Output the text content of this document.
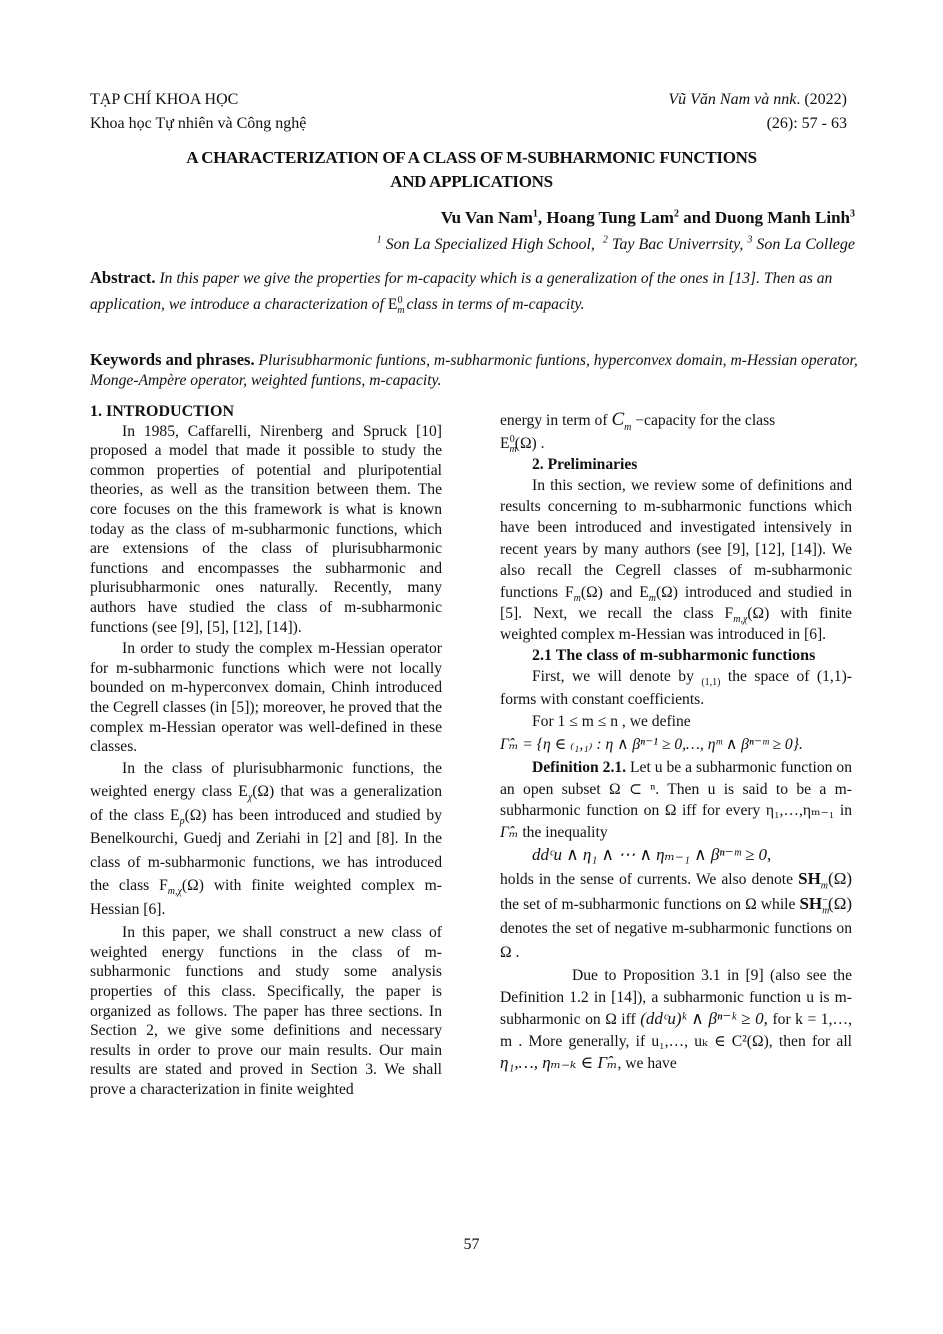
TẠP CHÍ KHOA HỌC
Khoa học Tự nhiên và Công nghệ
Vũ Văn Nam và nnk. (2022)
(26): 57 - 63
A CHARACTERIZATION OF A CLASS OF M-SUBHARMONIC FUNCTIONS
AND APPLICATIONS
Vu Van Nam$^1$, Hoang Tung Lam$^2$ and Duong Manh Linh$^3$
$^1$ Son La Specialized High School, $^2$ Tay Bac Univerrsity, $^3$ Son La College
Abstract. In this paper we give the properties for m-capacity which is a generalization of the ones in [13]. Then as an application, we introduce a characterization of $E_m^0$ class in terms of m-capacity.
Keywords and phrases. Plurisubharmonic funtions, m-subharmonic funtions, hyperconvex domain, m-Hessian operator, Monge-Ampère operator, weighted funtions, m-capacity.
1. INTRODUCTION
In 1985, Caffarelli, Nirenberg and Spruck [10] proposed a model that made it possible to study the common properties of potential and pluripotential theories, as well as the transition between them. The core focuses on the this framework is what is known today as the class of m-subharmonic functions, which are extensions of the class of plurisubharmonic functions and encompasses the subharmonic and plurisubharmonic ones naturally. Recently, many authors have studied the class of m-subharmonic functions (see [9], [5], [12], [14]).
In order to study the complex m-Hessian operator for m-subharmonic functions which were not locally bounded on m-hyperconvex domain, Chinh introduced the Cegrell classes (in [5]); moreover, he proved that the complex m-Hessian operator was well-defined in these classes.
In the class of plurisubharmonic functions, the weighted energy class $E_\chi(\Omega)$ that was a generalization of the class $E_p(\Omega)$ has been introduced and studied by Benelkourchi, Guedj and Zeriahi in [2] and [8]. In the class of m-subharmonic functions, we has introduced the class $F_{m,\chi}(\Omega)$ with finite weighted complex m-Hessian [6].
In this paper, we shall construct a new class of weighted energy functions in the class of m-subharmonic functions and study some analysis properties of this class. Specifically, the paper is organized as follows. The paper has three sections. In Section 2, we give some definitions and necessary results in order to prove our main results. Our main results are stated and proved in Section 3. We shall prove a characterization in finite weighted
energy in term of $C_m$ −capacity for the class
$E_m^0(\Omega)$ .
2. Preliminaries
In this section, we review some of definitions and results concerning to m-subharmonic functions which have been introduced and investigated intensively in recent years by many authors (see [9], [12], [14]). We also recall the Cegrell classes of m-subharmonic functions $F_m(\Omega)$ and $E_m(\Omega)$ introduced and studied in [5]. Next, we recall the class $F_{m,\chi}(\Omega)$ with finite weighted complex m-Hessian was introduced in [6].
2.1 The class of m-subharmonic functions
First, we will denote by $_{(1,1)}$ the space of (1,1)-forms with constant coefficients.
For 1 ≤ m ≤ n , we define
Γ̂ₘ = {η ∈ ₍₁,₁₎ : η ∧ βⁿ⁻¹ ≥ 0,…, ηᵐ ∧ βⁿ⁻ᵐ ≥ 0}.
Definition 2.1. Let u be a subharmonic function on an open subset Ω ⊂ ⁿ. Then u is said to be a m-subharmonic function on Ω iff for every η₁,…,ηₘ₋₁ in Γ̂ₘ the inequality
ddᶜu ∧ η₁ ∧ ⋯ ∧ ηₘ₋₁ ∧ βⁿ⁻ᵐ ≥ 0,
holds in the sense of currents. We also denote $SH_m(\Omega)$ the set of m-subharmonic functions on Ω while $SH_m^-(\Omega)$ denotes the set of negative m-subharmonic functions on Ω .
Due to Proposition 3.1 in [9] (also see the Definition 1.2 in [14]), a subharmonic function u is m-subharmonic on Ω iff (ddᶜu)ᵏ ∧ βⁿ⁻ᵏ ≥ 0, for k = 1,…, m . More generally, if u₁,…, uₖ ∈ C²(Ω), then for all η₁,…, ηₘ₋ₖ ∈ Γ̂ₘ, we have
57
